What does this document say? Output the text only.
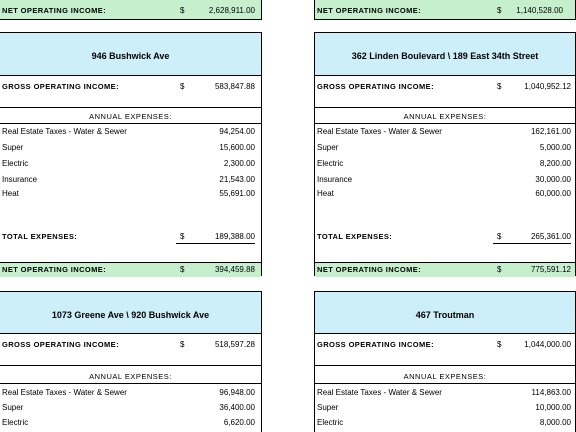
NET OPERATING INCOME:	$	2,628,911.00	NET OPERATING INCOME:	$ 1,140,528.00
946 Bushwick Ave
GROSS OPERATING INCOME:	$	583,847.88
ANNUAL EXPENSES:
Real Estate Taxes - Water & Sewer	94,254.00
Super	15,600.00
Electric	2,300.00
Insurance	21,543.00
Heat	55,691.00
TOTAL EXPENSES:	$	189,388.00
NET OPERATING INCOME:	$	394,459.88
362 Linden Boulevard \ 189 East 34th Street
GROSS OPERATING INCOME:	$	1,040,952.12
ANNUAL EXPENSES:
Real Estate Taxes - Water & Sewer	162,161.00
Super	5,000.00
Electric	8,200.00
Insurance	30,000.00
Heat	60,000.00
TOTAL EXPENSES:	$	265,361.00
NET OPERATING INCOME:	$	775,591.12
1073 Greene Ave \ 920 Bushwick Ave
GROSS OPERATING INCOME:	$	518,597.28
ANNUAL EXPENSES:
Real Estate Taxes - Water & Sewer	96,948.00
Super	36,400.00
Electric	6,620.00
467 Troutman
GROSS OPERATING INCOME:	$	1,044,000.00
ANNUAL EXPENSES:
Real Estate Taxes - Water & Sewer	114,863.00
Super	10,000.00
Electric	8,000.00
